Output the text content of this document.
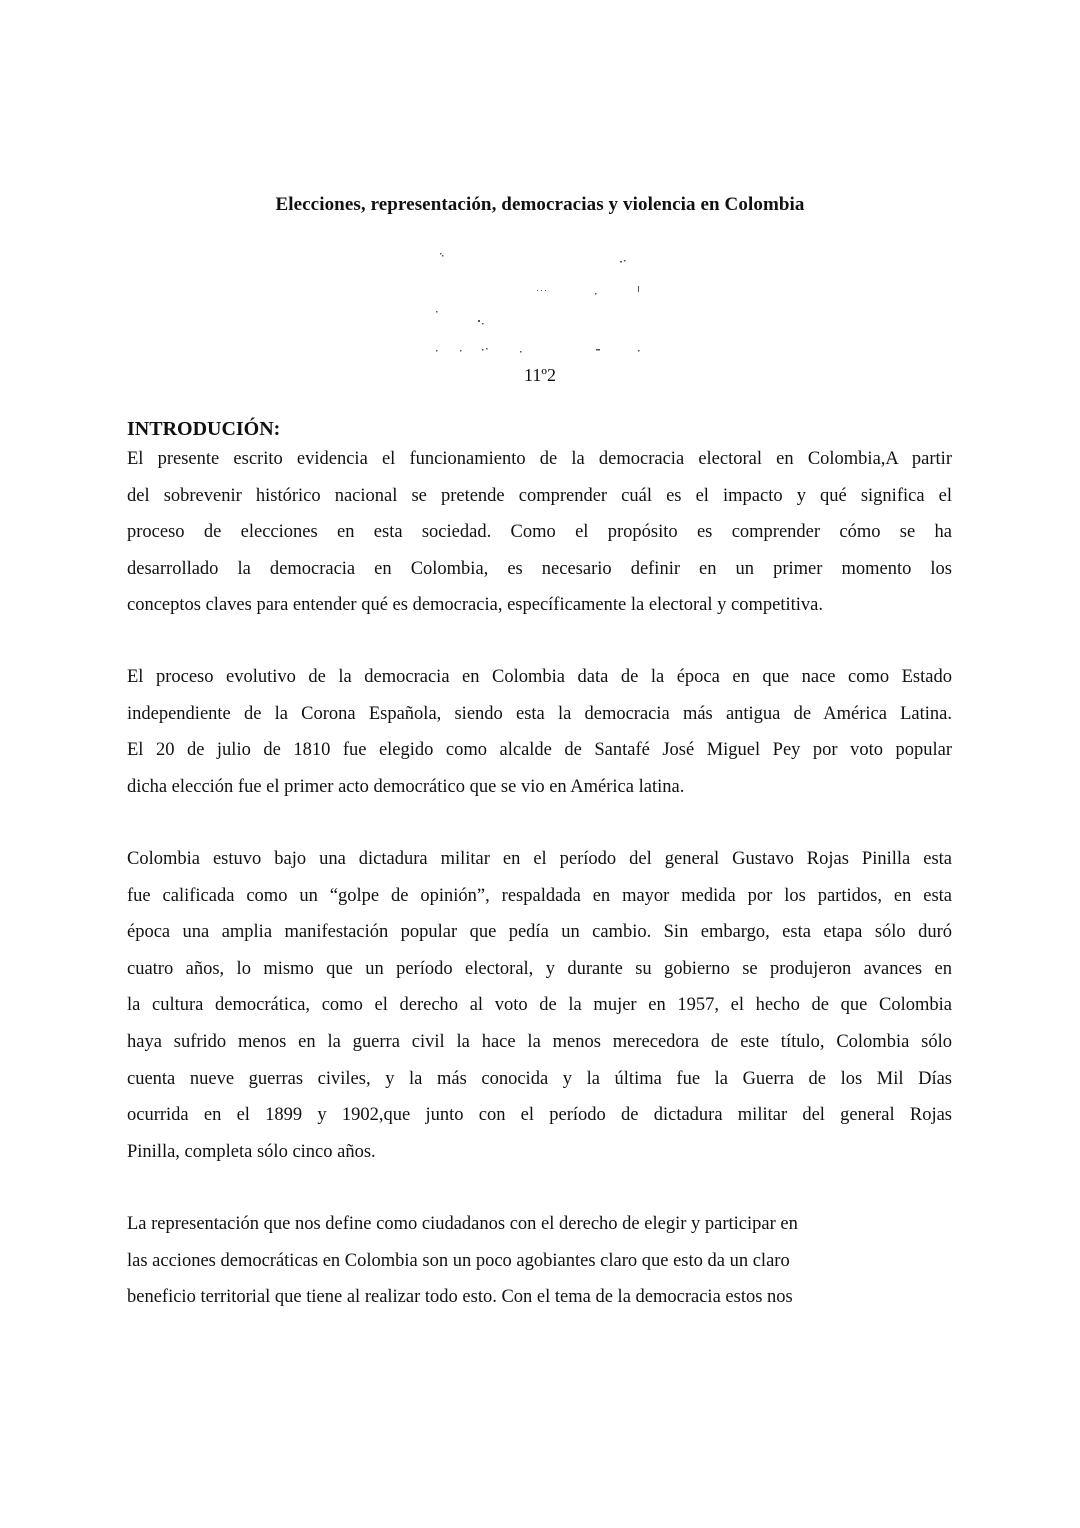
Elecciones, representación, democracias y violencia en Colombia
11º2
INTRODUCIÓN:

El presente escrito evidencia el funcionamiento de la democracia electoral en Colombia,A partir
del sobrevenir histórico nacional se pretende comprender cuál es el impacto y qué significa el
proceso de elecciones en esta sociedad. Como el propósito es comprender cómo se ha
desarrollado la democracia en Colombia, es necesario definir en un primer momento los
conceptos claves para entender qué es democracia, específicamente la electoral y competitiva.

El proceso evolutivo de la democracia en Colombia data de la época en que nace como Estado
independiente de la Corona Española, siendo esta la democracia más antigua de América Latina.
El 20 de julio de 1810 fue elegido como alcalde de Santafé José Miguel Pey por voto popular
dicha elección fue el primer acto democrático que se vio en América latina.

Colombia estuvo bajo una dictadura militar en el período del general Gustavo Rojas Pinilla esta
fue calificada como un “golpe de opinión”, respaldada en mayor medida por los partidos, en esta
época una amplia manifestación popular que pedía un cambio. Sin embargo, esta etapa sólo duró
cuatro años, lo mismo que un período electoral, y durante su gobierno se produjeron avances en
la cultura democrática, como el derecho al voto de la mujer en 1957, el hecho de que Colombia
haya sufrido menos en la guerra civil la hace la menos merecedora de este título, Colombia sólo
cuenta nueve guerras civiles, y la más conocida y la última fue la Guerra de los Mil Días
ocurrida en el 1899 y 1902,que junto con el período de dictadura militar del general Rojas
Pinilla, completa sólo cinco años.

La representación que nos define como ciudadanos con el derecho de elegir y participar en
las acciones democráticas en Colombia son un poco agobiantes claro que esto da un claro
beneficio territorial que tiene al realizar todo esto. Con el tema de la democracia estos nos
